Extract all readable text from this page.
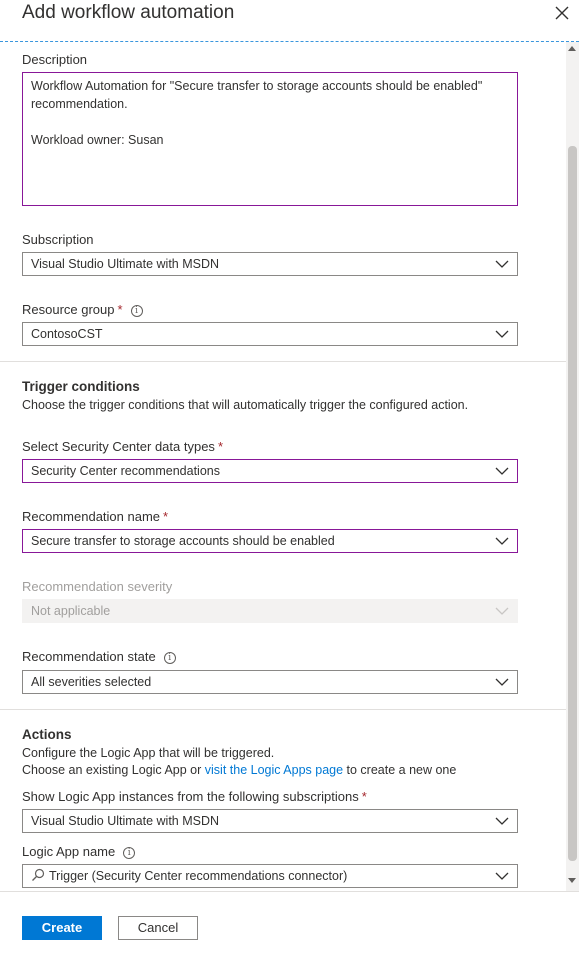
Add workflow automation
Description
Workflow Automation for "Secure transfer to storage accounts should be enabled"
recommendation.
Workload owner: Susan
Subscription
Visual Studio Ultimate with MSDN
Resource group * i
ContosoCST
Trigger conditions
Choose the trigger conditions that will automatically trigger the configured action.
Select Security Center data types *
Security Center recommendations
Recommendation name *
Secure transfer to storage accounts should be enabled
Recommendation severity
Not applicable
Recommendation state i
All severities selected
Actions
Configure the Logic App that will be triggered.
Choose an existing Logic App or visit the Logic Apps page to create a new one
Show Logic App instances from the following subscriptions *
Visual Studio Ultimate with MSDN
Logic App name i
Trigger (Security Center recommendations connector)
Create	Cancel
